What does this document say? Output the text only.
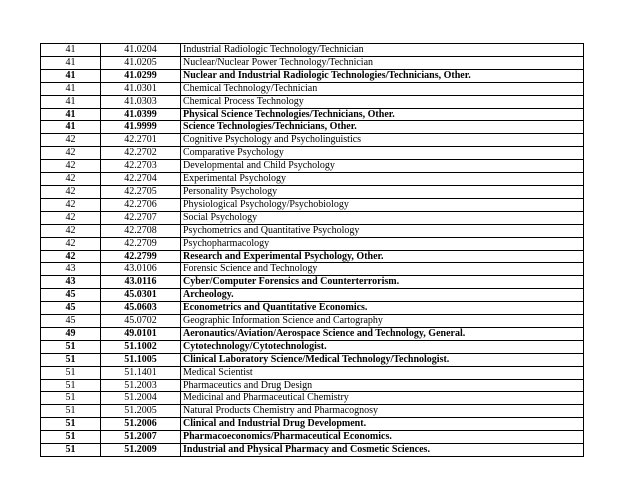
41	41.0204	Industrial Radiologic Technology/Technician
41	41.0205	Nuclear/Nuclear Power Technology/Technician
41	41.0299	Nuclear and Industrial Radiologic Technologies/Technicians, Other.
41	41.0301	Chemical Technology/Technician
41	41.0303	Chemical Process Technology
41	41.0399	Physical Science Technologies/Technicians, Other.
41	41.9999	Science Technologies/Technicians, Other.
42	42.2701	Cognitive Psychology and Psycholinguistics
42	42.2702	Comparative Psychology
42	42.2703	Developmental and Child Psychology
42	42.2704	Experimental Psychology
42	42.2705	Personality Psychology
42	42.2706	Physiological Psychology/Psychobiology
42	42.2707	Social Psychology
42	42.2708	Psychometrics and Quantitative Psychology
42	42.2709	Psychopharmacology
42	42.2799	Research and Experimental Psychology, Other.
43	43.0106	Forensic Science and Technology
43	43.0116	Cyber/Computer Forensics and Counterterrorism.
45	45.0301	Archeology.
45	45.0603	Econometrics and Quantitative Economics.
45	45.0702	Geographic Information Science and Cartography
49	49.0101	Aeronautics/Aviation/Aerospace Science and Technology, General.
51	51.1002	Cytotechnology/Cytotechnologist.
51	51.1005	Clinical Laboratory Science/Medical Technology/Technologist.
51	51.1401	Medical Scientist
51	51.2003	Pharmaceutics and Drug Design
51	51.2004	Medicinal and Pharmaceutical Chemistry
51	51.2005	Natural Products Chemistry and Pharmacognosy
51	51.2006	Clinical and Industrial Drug Development.
51	51.2007	Pharmacoeconomics/Pharmaceutical Economics.
51	51.2009	Industrial and Physical Pharmacy and Cosmetic Sciences.
